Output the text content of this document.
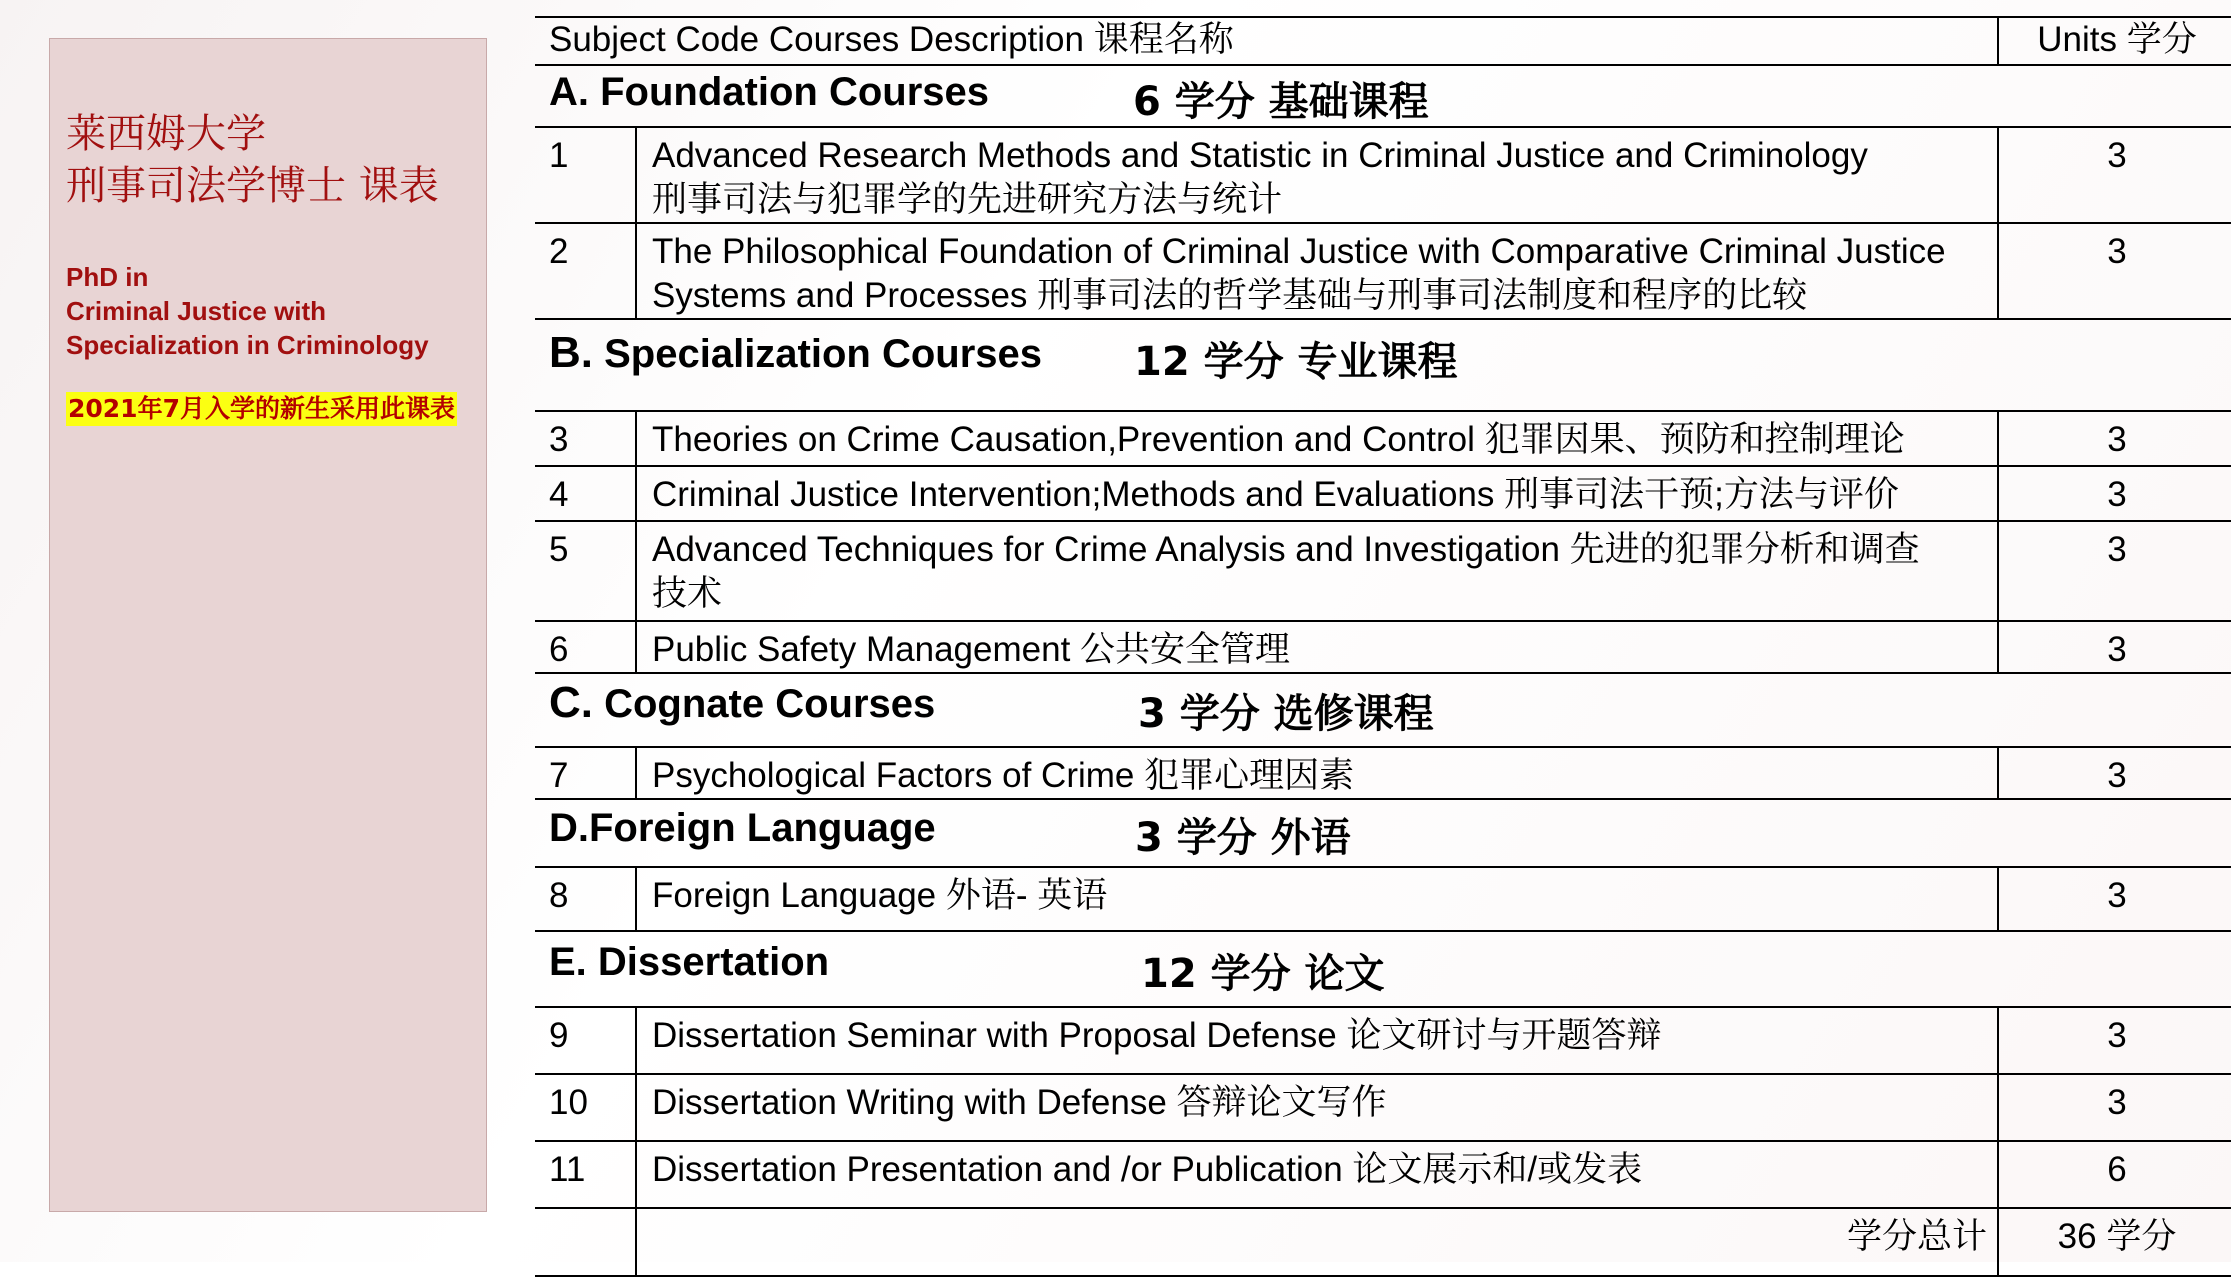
莱西姆大学
刑事司法学博士 课表
PhD in
Criminal Justice with
Specialization in Criminology
2021年7月入学的新生采用此课表
Subject Code Courses Description 课程名称		Units 学分

A. Foundation Courses 6 学分 基础课程		

1	Advanced Research Methods and Statistic in Criminal Justice and Criminology
刑事司法与犯罪学的先进研究方法与统计	3
2	The Philosophical Foundation of Criminal Justice with Comparative Criminal Justice
Systems and Processes 刑事司法的哲学基础与刑事司法制度和程序的比较	3

B. Specialization Courses 12 学分 专业课程		

3	Theories on Crime Causation,Prevention and Control 犯罪因果、预防和控制理论	3
4	Criminal Justice Intervention;Methods and Evaluations 刑事司法干预;方法与评价	3
5	Advanced Techniques for Crime Analysis and Investigation 先进的犯罪分析和调查
技术	3
6	Public Safety Management 公共安全管理	3

C. Cognate Courses 3 学分 选修课程		

7	Psychological Factors of Crime 犯罪心理因素	3

D.Foreign Language 3 学分 外语		

8	Foreign Language 外语- 英语	3

E. Dissertation 12 学分 论文		

9	Dissertation Seminar with Proposal Defense 论文研讨与开题答辩	3
10	Dissertation Writing with Defense 答辩论文写作	3
11	Dissertation Presentation and /or Publication 论文展示和/或发表	6
	学分总计	36 学分
